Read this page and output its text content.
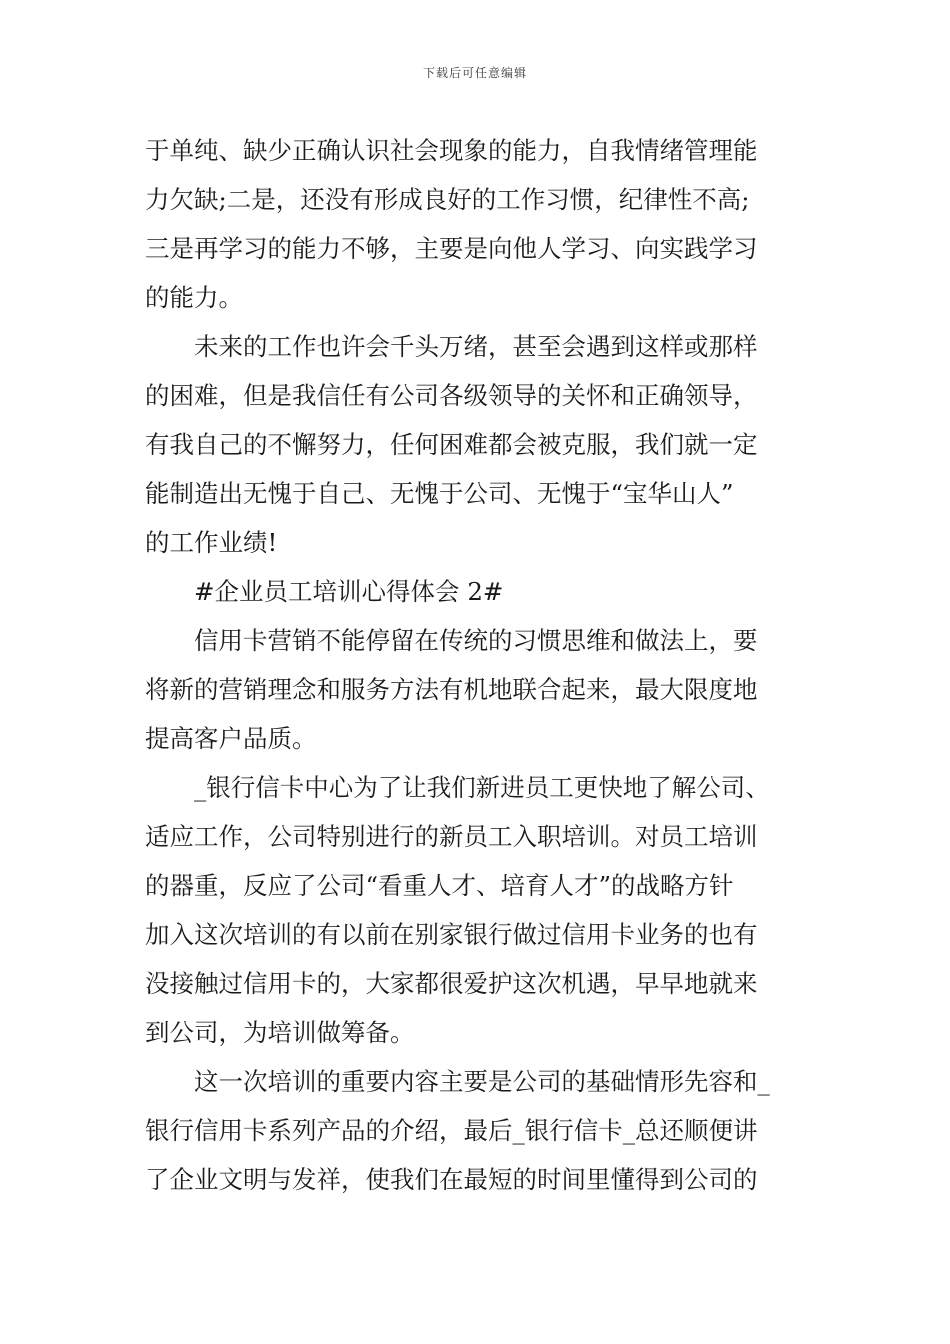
下载后可任意编辑
于单纯、缺少正确认识社会现象的能力，自我情绪管理能
力欠缺;二是，还没有形成良好的工作习惯，纪律性不高;
三是再学习的能力不够，主要是向他人学习、向实践学习
的能力。
未来的工作也许会千头万绪，甚至会遇到这样或那样
的困难，但是我信任有公司各级领导的关怀和正确领导，
有我自己的不懈努力，任何困难都会被克服，我们就一定
能制造出无愧于自己、无愧于公司、无愧于“宝华山人”
的工作业绩!
#企业员工培训心得体会 2#
信用卡营销不能停留在传统的习惯思维和做法上，要
将新的营销理念和服务方法有机地联合起来，最大限度地
提高客户品质。
_银行信卡中心为了让我们新进员工更快地了解公司、
适应工作，公司特别进行的新员工入职培训。对员工培训
的器重，反应了公司“看重人才、培育人才”的战略方针
加入这次培训的有以前在别家银行做过信用卡业务的也有
没接触过信用卡的，大家都很爱护这次机遇，早早地就来
到公司，为培训做筹备。
这一次培训的重要内容主要是公司的基础情形先容和_
银行信用卡系列产品的介绍，最后_银行信卡_总还顺便讲
了企业文明与发祥，使我们在最短的时间里懂得到公司的
